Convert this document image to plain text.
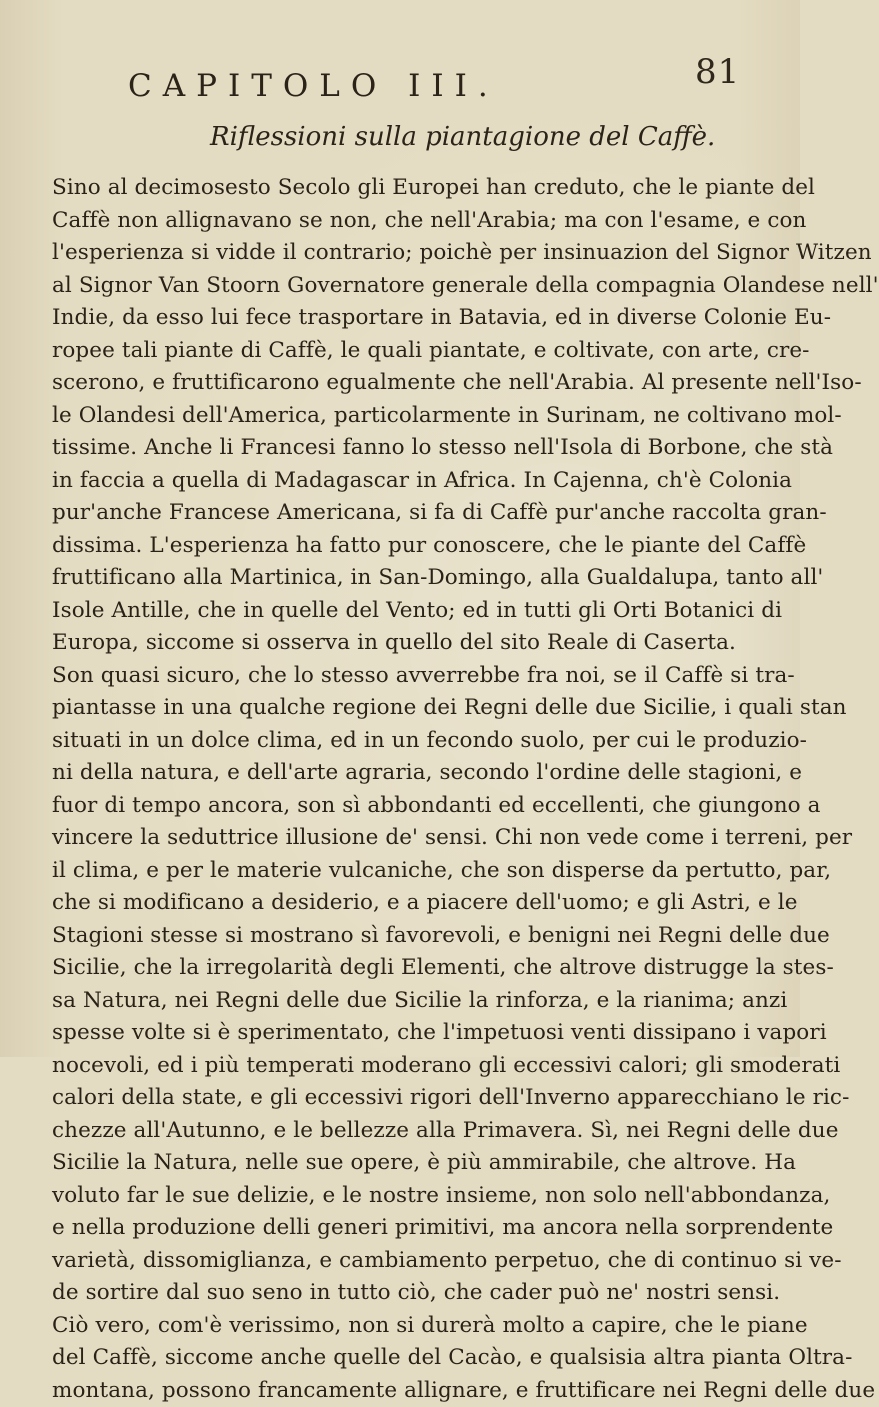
81
CAPITOLO III.
Riflessioni sulla piantagione del Caffè.
Sino al decimosesto Secolo gli Europei han creduto, che le piante del
Caffè non allignavano se non, che nell'Arabia; ma con l'esame, e con
l'esperienza si vidde il contrario; poichè per insinuazion del Signor Witzen
al Signor Van Stoorn Governatore generale della compagnia Olandese nell'
Indie, da esso lui fece trasportare in Batavia, ed in diverse Colonie Eu-
ropee tali piante di Caffè, le quali piantate, e coltivate, con arte, cre-
scerono, e fruttificarono egualmente che nell'Arabia. Al presente nell'Iso-
le Olandesi dell'America, particolarmente in Surinam, ne coltivano mol-
tissime. Anche li Francesi fanno lo stesso nell'Isola di Borbone, che stà
in faccia a quella di Madagascar in Africa. In Cajenna, ch'è Colonia
pur'anche Francese Americana, si fa di Caffè pur'anche raccolta gran-
dissima. L'esperienza ha fatto pur conoscere, che le piante del Caffè
fruttificano alla Martinica, in San-Domingo, alla Gualdalupa, tanto all'
Isole Antille, che in quelle del Vento; ed in tutti gli Orti Botanici di
Europa, siccome si osserva in quello del sito Reale di Caserta.
Son quasi sicuro, che lo stesso avverrebbe fra noi, se il Caffè si tra-
piantasse in una qualche regione dei Regni delle due Sicilie, i quali stan
situati in un dolce clima, ed in un fecondo suolo, per cui le produzio-
ni della natura, e dell'arte agraria, secondo l'ordine delle stagioni, e
fuor di tempo ancora, son sì abbondanti ed eccellenti, che giungono a
vincere la seduttrice illusione de' sensi. Chi non vede come i terreni, per
il clima, e per le materie vulcaniche, che son disperse da pertutto, par,
che si modificano a desiderio, e a piacere dell'uomo; e gli Astri, e le
Stagioni stesse si mostrano sì favorevoli, e benigni nei Regni delle due
Sicilie, che la irregolarità degli Elementi, che altrove distrugge la stes-
sa Natura, nei Regni delle due Sicilie la rinforza, e la rianima; anzi
spesse volte si è sperimentato, che l'impetuosi venti dissipano i vapori
nocevoli, ed i più temperati moderano gli eccessivi calori; gli smoderati
calori della state, e gli eccessivi rigori dell'Inverno apparecchiano le ric-
chezze all'Autunno, e le bellezze alla Primavera. Sì, nei Regni delle due
Sicilie la Natura, nelle sue opere, è più ammirabile, che altrove. Ha
voluto far le sue delizie, e le nostre insieme, non solo nell'abbondanza,
e nella produzione delli generi primitivi, ma ancora nella sorprendente
varietà, dissomiglianza, e cambiamento perpetuo, che di continuo si ve-
de sortire dal suo seno in tutto ciò, che cader può ne' nostri sensi.
Ciò vero, com'è verissimo, non si durerà molto a capire, che le piane
del Caffè, siccome anche quelle del Cacào, e qualsisia altra pianta Oltra-
montana, possono francamente allignare, e fruttificare nei Regni delle due
